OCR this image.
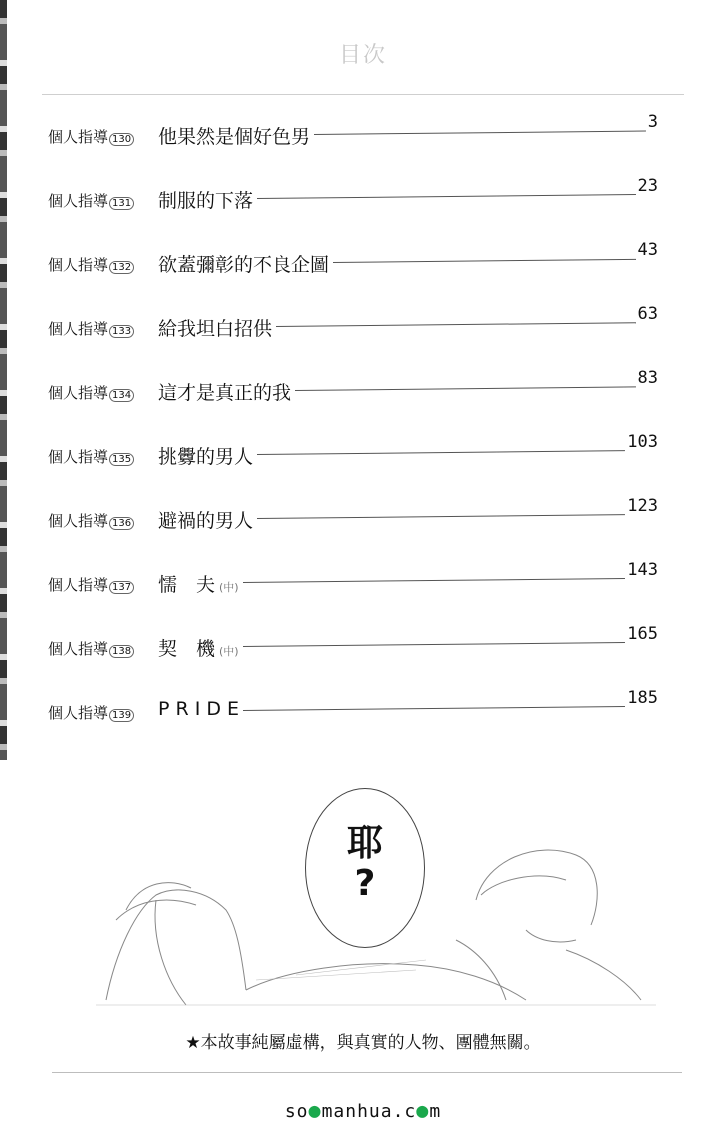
目次
個人指導 130 他果然是個好色男
3
個人指導 131 制服的下落
23
個人指導 132 欲蓋彌彰的不良企圖
43
個人指導 133 給我坦白招供
63
個人指導 134 這才是真正的我
83
個人指導 135 挑釁的男人
103
個人指導 136 避禍的男人
123
個人指導 137 懦　夫 (中)
143
個人指導 138 契　機 (中)
165
個人指導 139 P R I D E	185
耶
?
★本故事純屬虛構，與真實的人物、團體無關。
so●manhua.c●m
